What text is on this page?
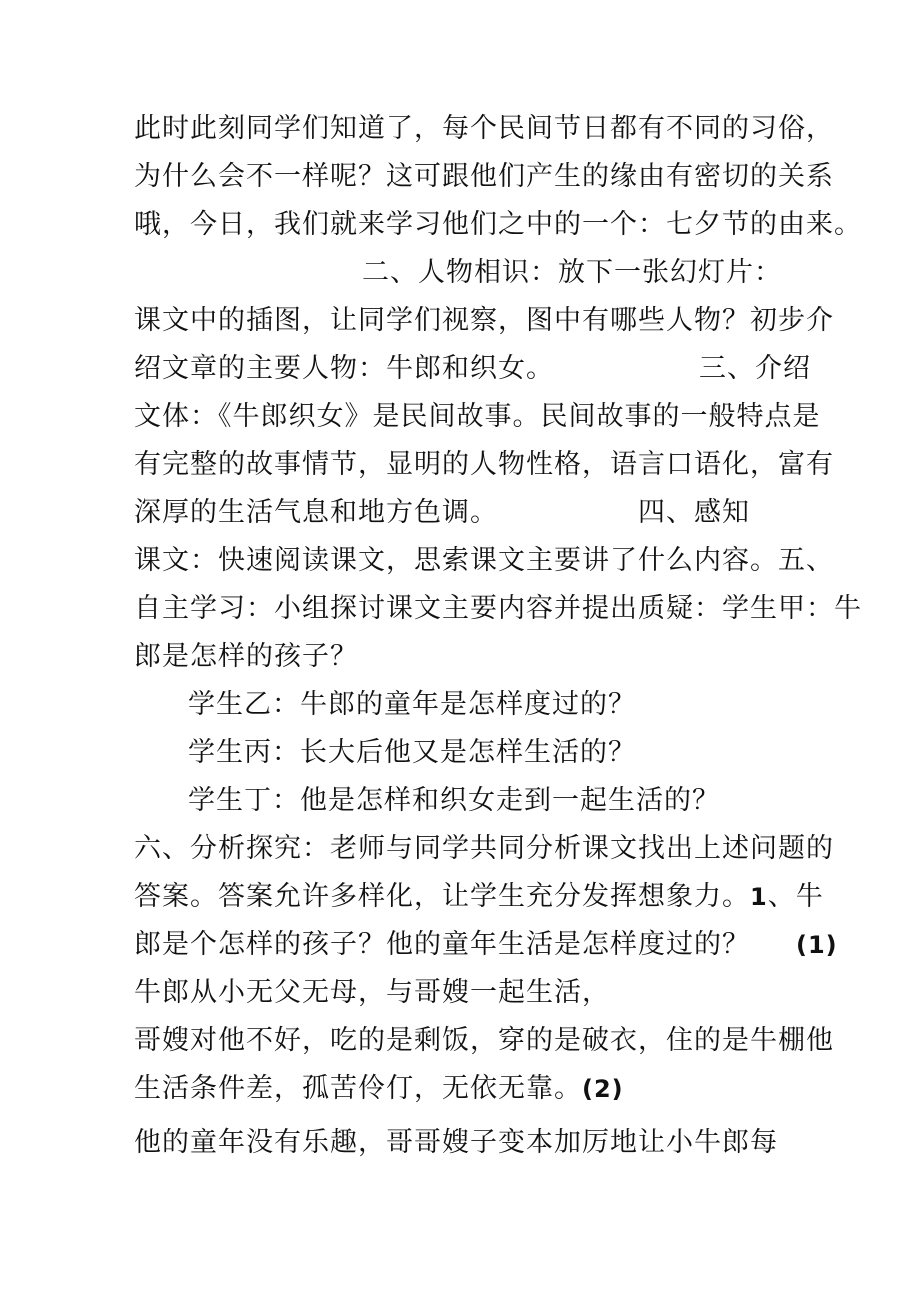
此时此刻同学们知道了，每个民间节日都有不同的习俗，
为什么会不一样呢？这可跟他们产生的缘由有密切的关系
哦，今日，我们就来学习他们之中的一个：七夕节的由来。
二、人物相识：放下一张幻灯片：
课文中的插图，让同学们视察，图中有哪些人物？初步介
绍文章的主要人物：牛郎和织女。	三、介绍
文体：《牛郎织女》是民间故事。民间故事的一般特点是
有完整的故事情节，显明的人物性格，语言口语化，富有
深厚的生活气息和地方色调。	四、感知
课文：快速阅读课文，思索课文主要讲了什么内容。五、
自主学习：小组探讨课文主要内容并提出质疑：学生甲：牛
郎是怎样的孩子？
学生乙：牛郎的童年是怎样度过的？
学生丙：长大后他又是怎样生活的？
学生丁：他是怎样和织女走到一起生活的？
六、分析探究：老师与同学共同分析课文找出上述问题的
答案。答案允许多样化，让学生充分发挥想象力。1、牛
郎是个怎样的孩子？他的童年生活是怎样度过的？ (1)
牛郎从小无父无母，与哥嫂一起生活，
哥嫂对他不好，吃的是剩饭，穿的是破衣，住的是牛棚他
生活条件差，孤苦伶仃，无依无靠。(2)
他的童年没有乐趣，哥哥嫂子变本加厉地让小牛郎每
